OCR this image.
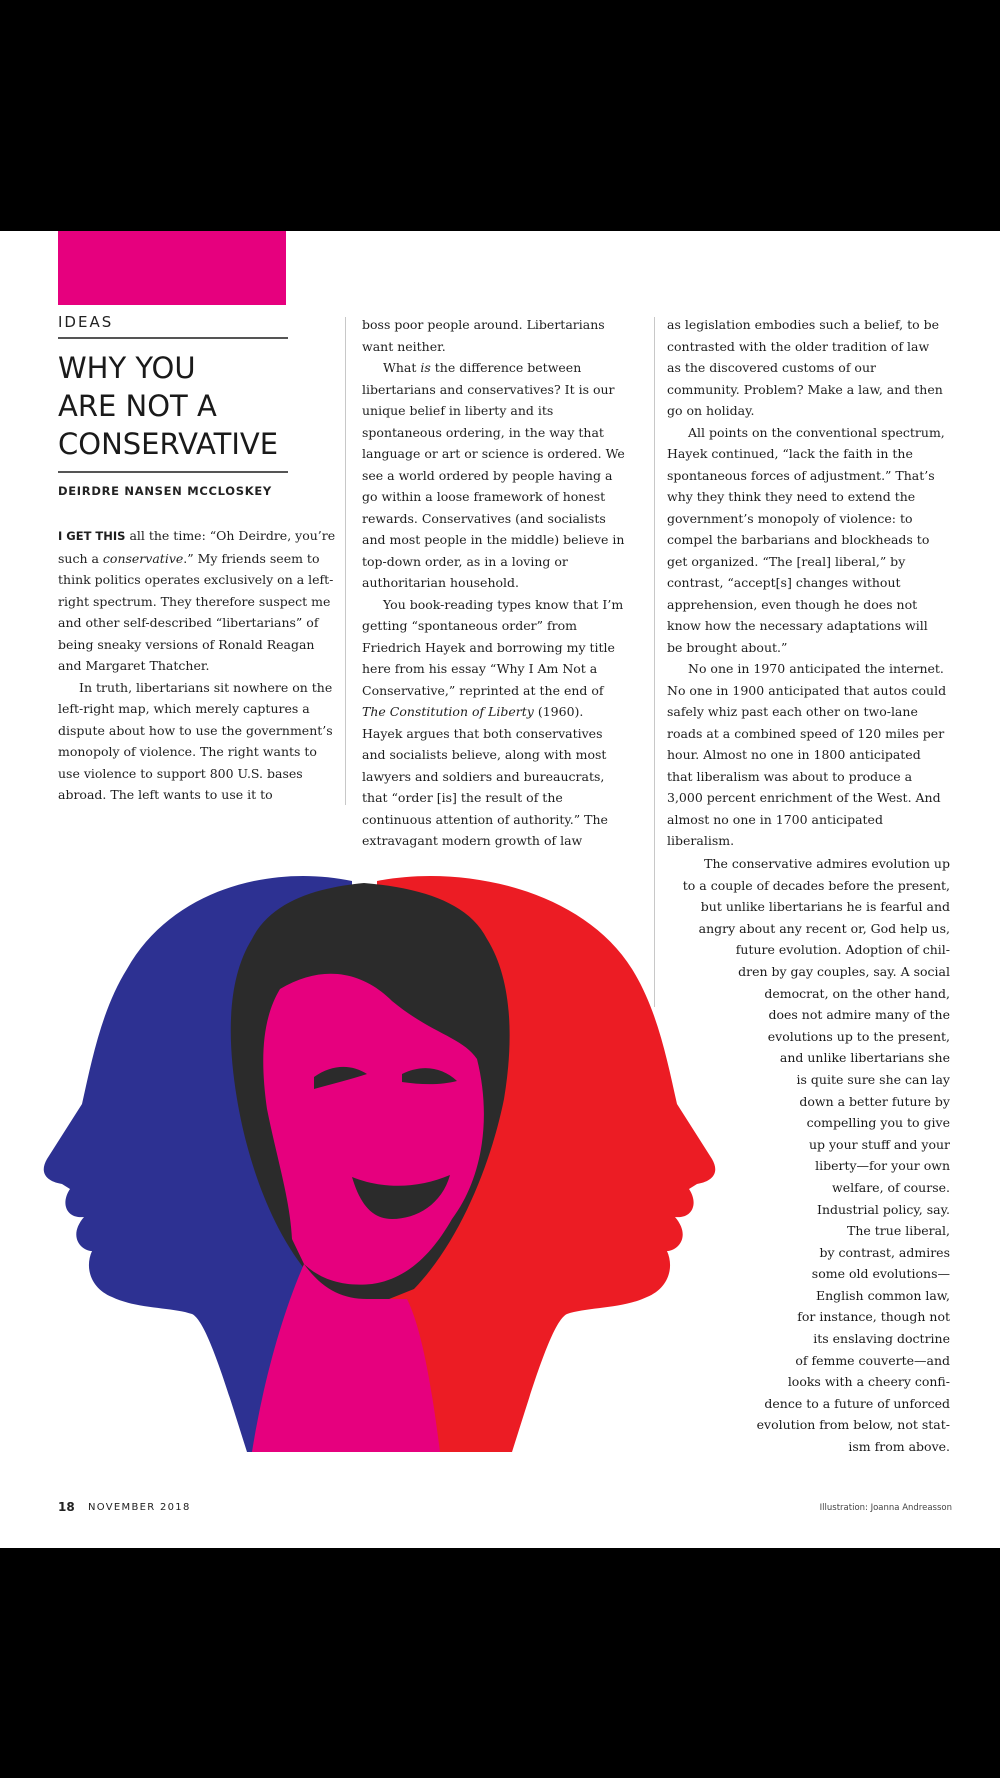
IDEAS
WHY YOU
ARE NOT A
CONSERVATIVE
DEIRDRE NANSEN MCCLOSKEY

I GET THIS all the time: “Oh Deirdre, you’re such a conservative.” My friends seem to think politics operates exclusively on a left-right spectrum. They therefore suspect me and other self-described “libertarians” of being sneaky versions of Ronald Reagan and Margaret Thatcher.

In truth, libertarians sit nowhere on the left-right map, which merely captures a dispute about how to use the government’s monopoly of violence. The right wants to use violence to support 800 U.S. bases abroad. The left wants to use it to

boss poor people around. Libertarians want neither.

What is the difference between libertarians and conservatives? It is our unique belief in liberty and its spontaneous ordering, in the way that language or art or science is ordered. We see a world ordered by people having a go within a loose framework of honest rewards. Conservatives (and socialists and most people in the middle) believe in top-down order, as in a loving or authoritarian household.

You book-reading types know that I’m getting “spontaneous order” from Friedrich Hayek and borrowing my title here from his essay “Why I Am Not a Conservative,” reprinted at the end of The Constitution of Liberty (1960). Hayek argues that both conservatives and socialists believe, along with most lawyers and soldiers and bureaucrats, that “order [is] the result of the continuous attention of authority.” The extravagant modern growth of law

as legislation embodies such a belief, to be contrasted with the older tradition of law as the discovered customs of our community. Problem? Make a law, and then go on holiday.

All points on the conventional spectrum, Hayek continued, “lack the faith in the spontaneous forces of adjustment.” That’s why they think they need to extend the government’s monopoly of violence: to compel the barbarians and blockheads to get organized. “The [real] liberal,” by contrast, “accept[s] changes without apprehension, even though he does not know how the necessary adaptations will be brought about.”

No one in 1970 anticipated the internet. No one in 1900 anticipated that autos could safely whiz past each other on two-lane roads at a combined speed of 120 miles per hour. Almost no one in 1800 anticipated that liberalism was about to produce a 3,000 percent enrichment of the West. And almost no one in 1700 anticipated liberalism.

The conservative admires evolution up
to a couple of decades before the present,
but unlike libertarians he is fearful and
angry about any recent or, God help us,
future evolution. Adoption of chil-
dren by gay couples, say. A social
democrat, on the other hand,
does not admire many of the
evolutions up to the present,
and unlike libertarians she
is quite sure she can lay
down a better future by
compelling you to give
up your stuff and your
liberty—for your own
welfare, of course.
Industrial policy, say.
The true liberal,
by contrast, admires
some old evolutions—
English common law,
for instance, though not
its enslaving doctrine
of femme couverte—and
looks with a cheery confi-
dence to a future of unforced
evolution from below, not stat-
ism from above.
18 NOVEMBER 2018	Illustration: Joanna Andreasson
